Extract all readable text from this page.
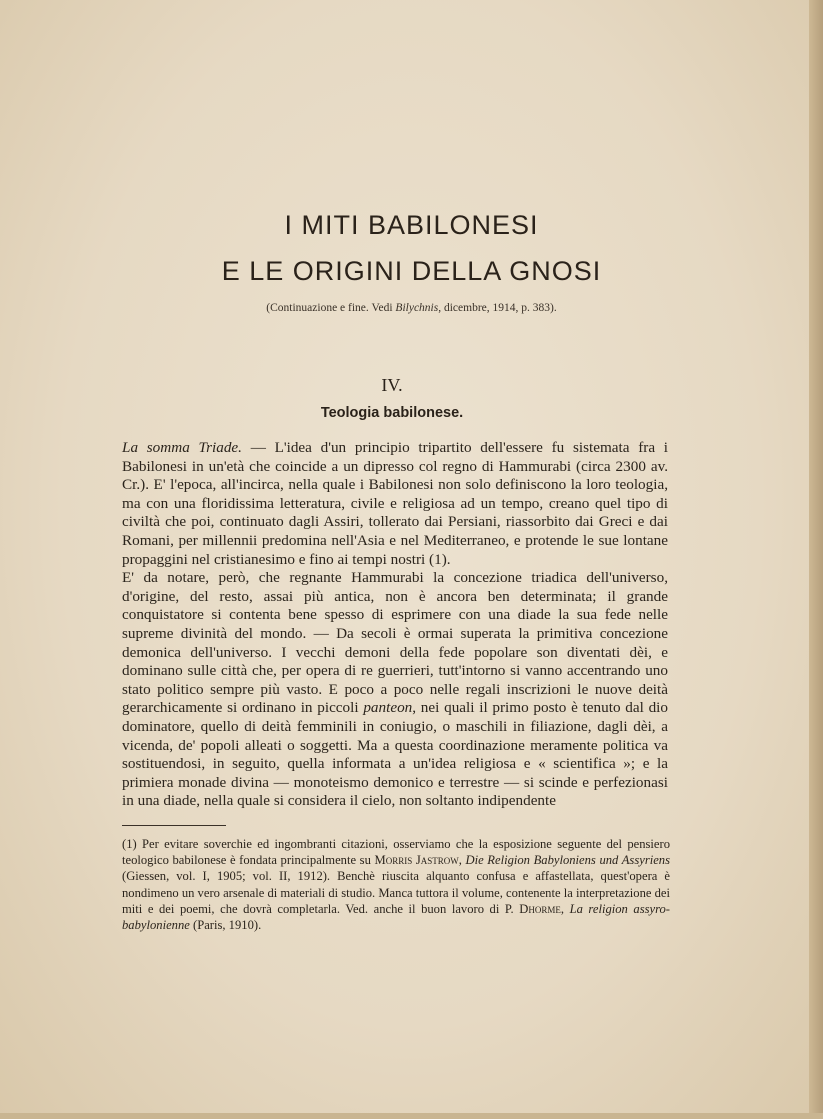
I MITI BABILONESI
E LE ORIGINI DELLA GNOSI
(Continuazione e fine. Vedi Bilychnis, dicembre, 1914, p. 383).
IV.
Teologia babilonese.

La somma Triade. — L'idea d'un principio tripartito dell'essere fu sistemata fra i Babilonesi in un'età che coincide a un dipresso col regno di Hammurabi (circa 2300 av. Cr.). E' l'epoca, all'incirca, nella quale i Babilonesi non solo definiscono la loro teologia, ma con una floridissima letteratura, civile e religiosa ad un tempo, creano quel tipo di civiltà che poi, continuato dagli Assiri, tollerato dai Persiani, riassorbito dai Greci e dai Romani, per millennii predomina nell'Asia e nel Mediterraneo, e protende le sue lontane propaggini nel cristianesimo e fino ai tempi nostri (1).

E' da notare, però, che regnante Hammurabi la concezione triadica dell'universo, d'origine, del resto, assai più antica, non è ancora ben determinata; il grande conquistatore si contenta bene spesso di esprimere con una diade la sua fede nelle supreme divinità del mondo. — Da secoli è ormai superata la primitiva concezione demonica dell'universo. I vecchi demoni della fede popolare son diventati dèi, e dominano sulle città che, per opera di re guerrieri, tutt'intorno si vanno accentrando uno stato politico sempre più vasto. E poco a poco nelle regali inscrizioni le nuove deità gerarchicamente si ordinano in piccoli panteon, nei quali il primo posto è tenuto dal dio dominatore, quello di deità femminili in coniugio, o maschili in filiazione, dagli dèi, a vicenda, de' popoli alleati o soggetti. Ma a questa coordinazione meramente politica va sostituendosi, in seguito, quella informata a un'idea religiosa e « scientifica »; e la primiera monade divina — monoteismo demonico e terrestre — si scinde e perfezionasi in una diade, nella quale si considera il cielo, non soltanto indipendente

(1) Per evitare soverchie ed ingombranti citazioni, osserviamo che la esposizione seguente del pensiero teologico babilonese è fondata principalmente su Morris Jastrow, Die Religion Babyloniens und Assyriens (Giessen, vol. I, 1905; vol. II, 1912). Benchè riuscita alquanto confusa e affastellata, quest'opera è nondimeno un vero arsenale di materiali di studio. Manca tuttora il volume, contenente la interpretazione dei miti e dei poemi, che dovrà completarla. Ved. anche il buon lavoro di P. Dhorme, La religion assyro-babylonienne (Paris, 1910).
